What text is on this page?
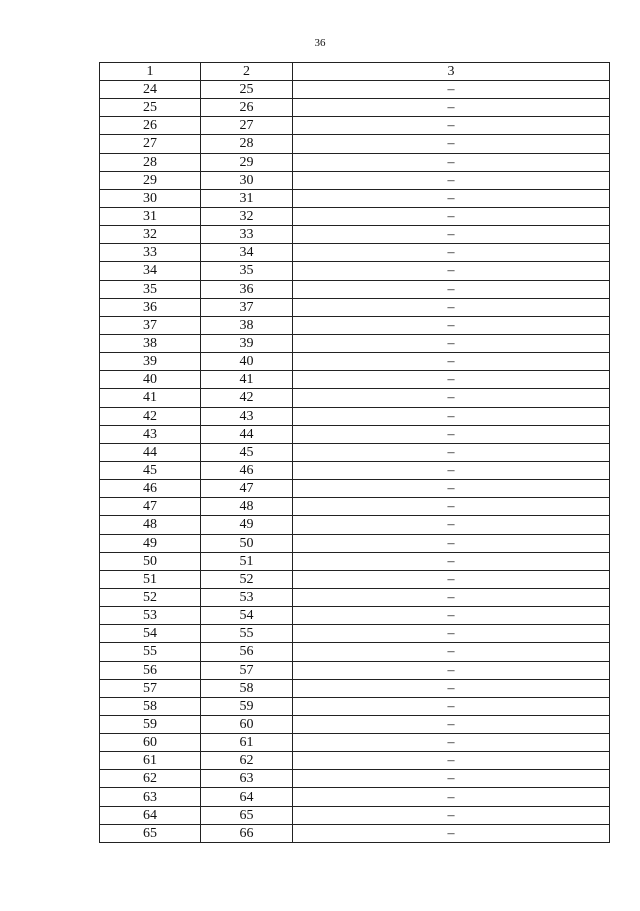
36
1	2	3
24	25	–
25	26	–
26	27	–
27	28	–
28	29	–
29	30	–
30	31	–
31	32	–
32	33	–
33	34	–
34	35	–
35	36	–
36	37	–
37	38	–
38	39	–
39	40	–
40	41	–
41	42	–
42	43	–
43	44	–
44	45	–
45	46	–
46	47	–
47	48	–
48	49	–
49	50	–
50	51	–
51	52	–
52	53	–
53	54	–
54	55	–
55	56	–
56	57	–
57	58	–
58	59	–
59	60	–
60	61	–
61	62	–
62	63	–
63	64	–
64	65	–
65	66	–
